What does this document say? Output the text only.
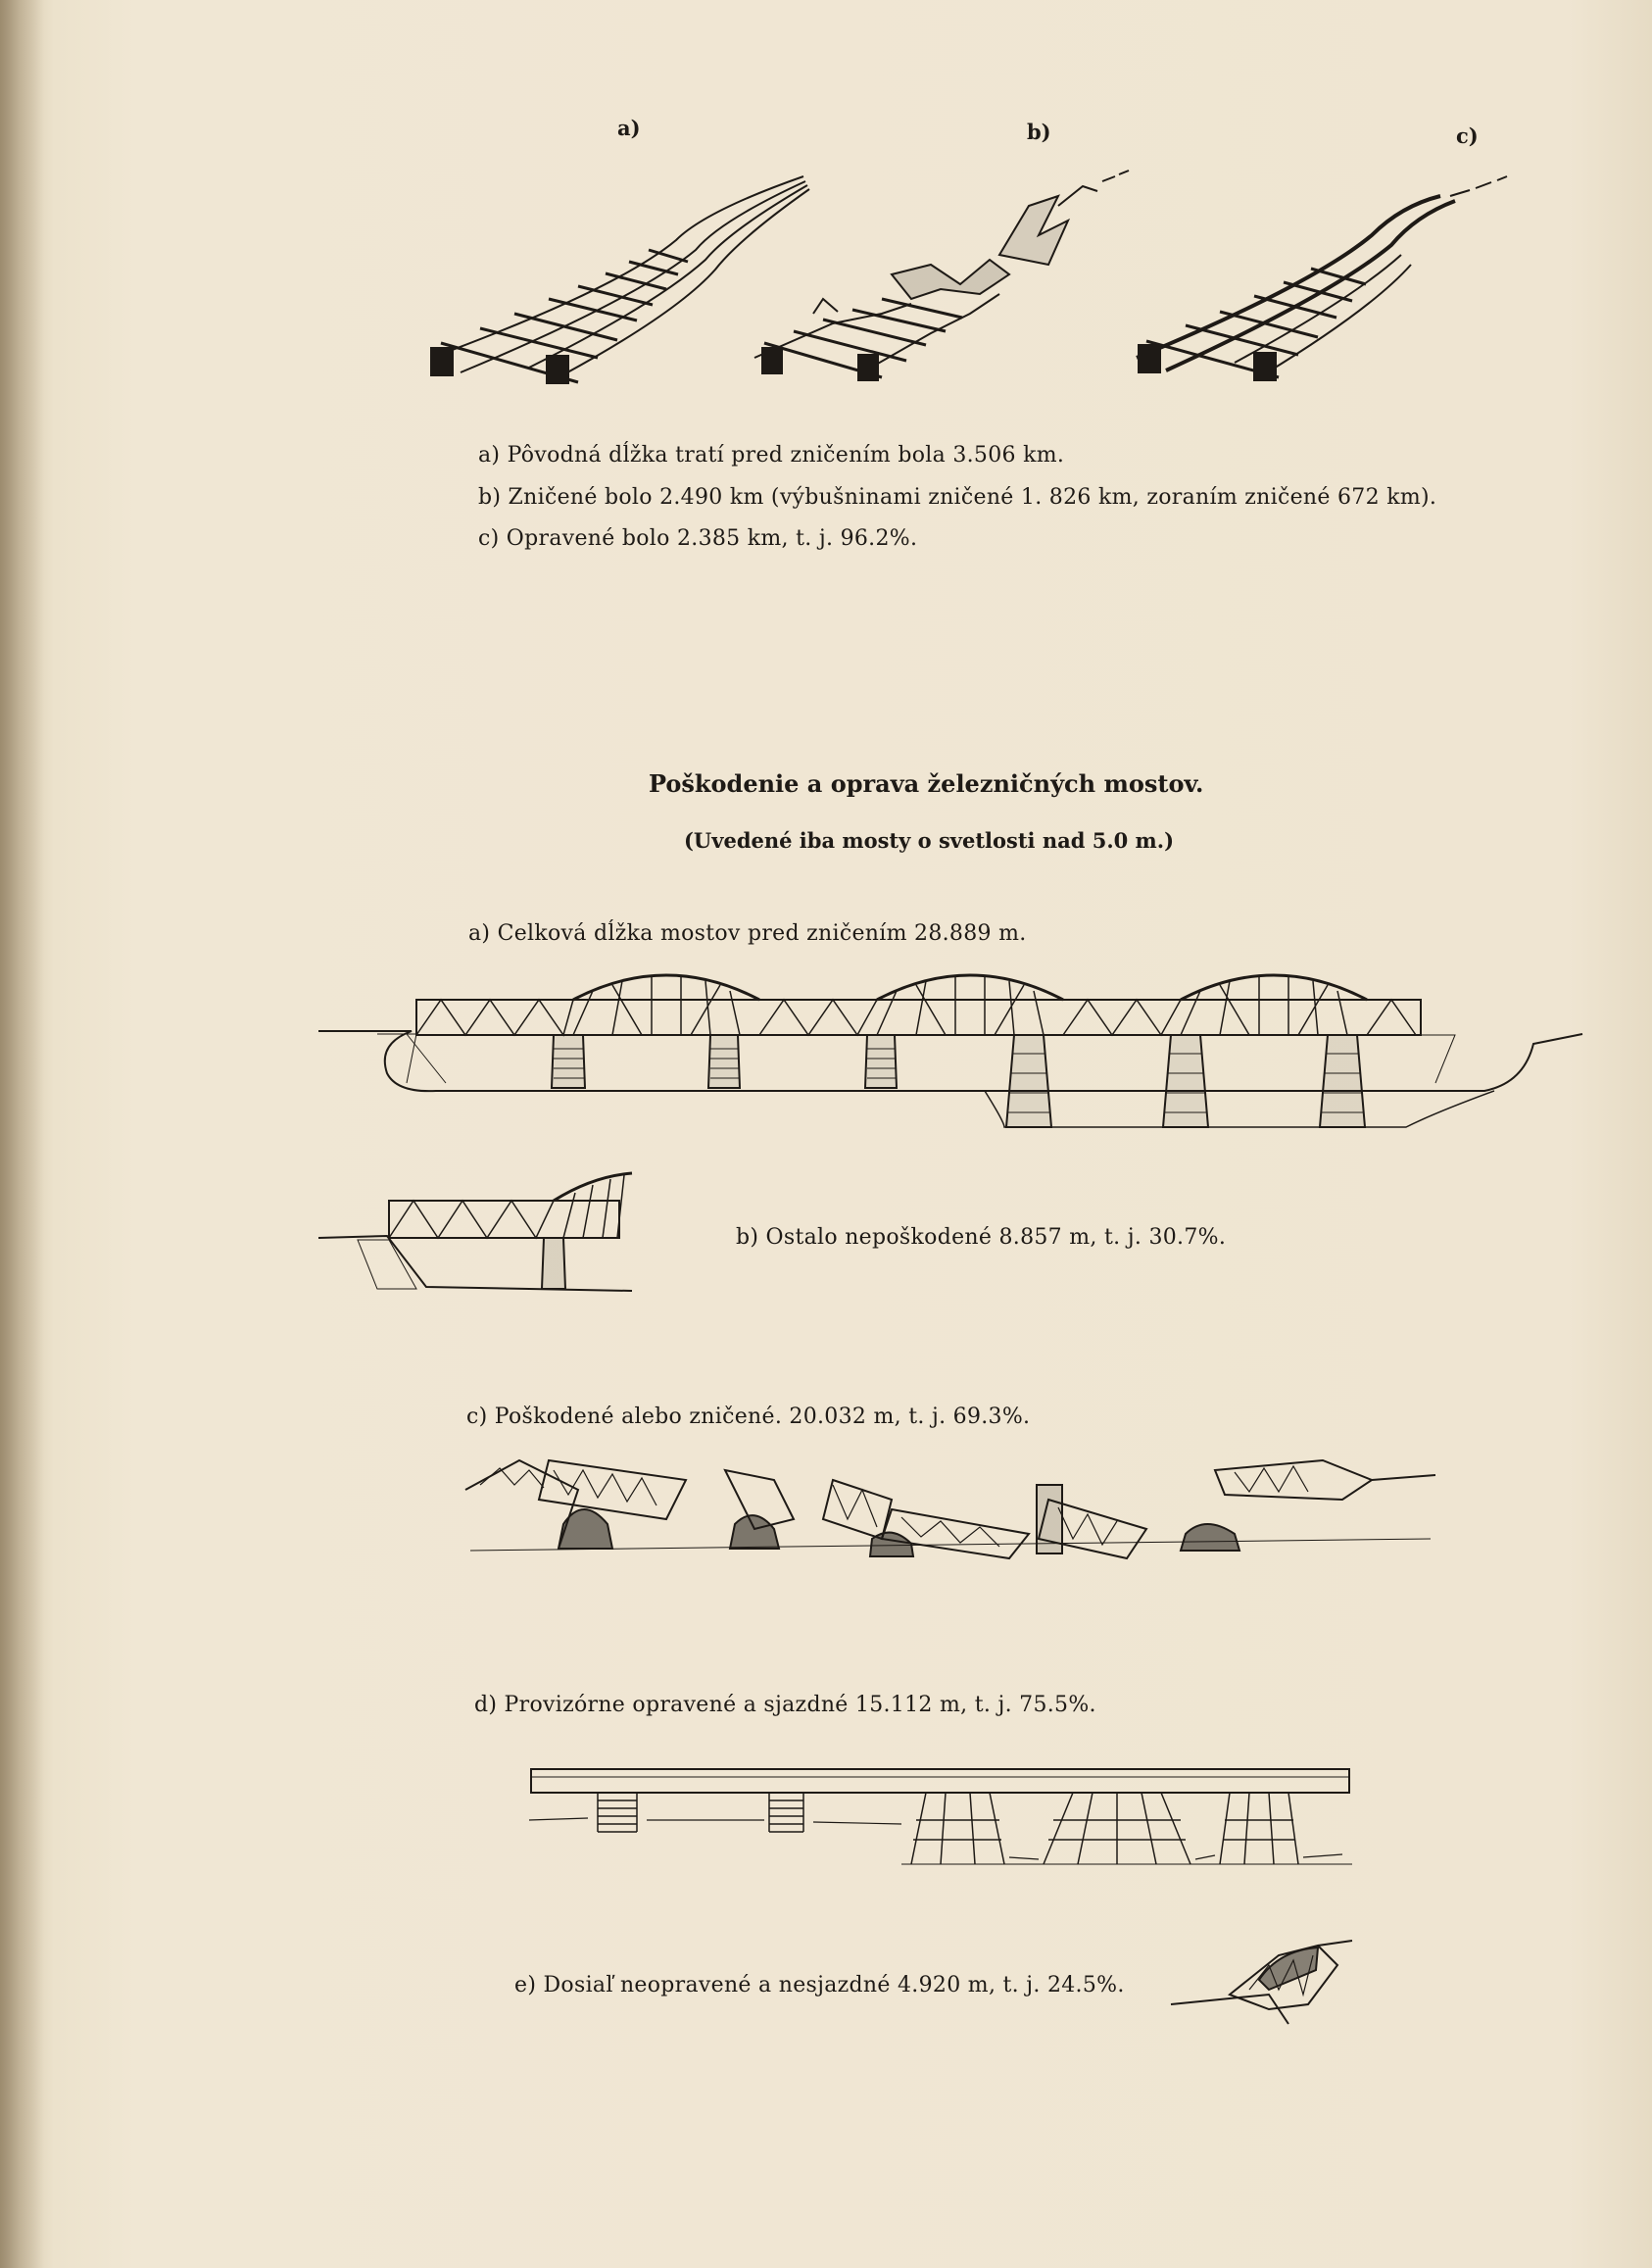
a)	b)	c)
a) Pôvodná dĺžka tratí pred zničením bola 3.506 km.
b) Zničené bolo 2.490 km (výbušninami zničené 1. 826 km, zoraním zničené 672 km).
c) Opravené bolo 2.385 km, t. j. 96.2%.
Poškodenie a oprava železničných mostov.
(Uvedené iba mosty o svetlosti nad 5.0 m.)
a) Celková dĺžka mostov pred zničením 28.889 m.
b) Ostalo nepoškodené 8.857 m, t. j. 30.7%.
c) Poškodené alebo zničené. 20.032 m, t. j. 69.3%.
d) Provizórne opravené a sjazdné 15.112 m, t. j. 75.5%.
e) Dosiaľ neopravené a nesjazdné 4.920 m, t. j. 24.5%.
